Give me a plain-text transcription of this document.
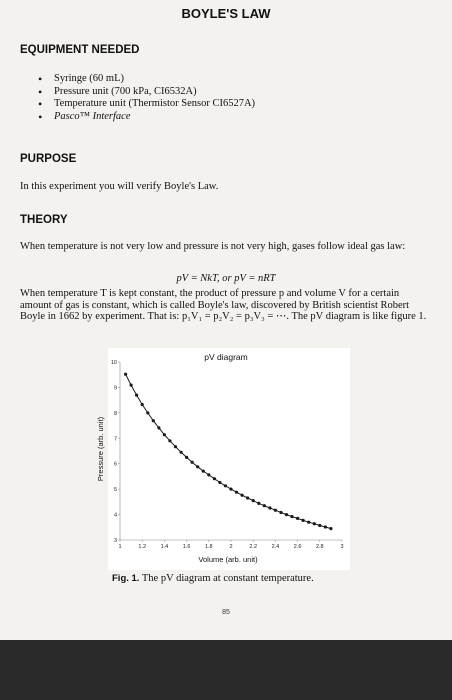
BOYLE'S LAW
EQUIPMENT NEEDED
• Syringe (60 mL)
• Pressure unit (700 kPa, CI6532A)
• Temperature unit (Thermistor Sensor CI6527A)
• Pasco™ Interface
PURPOSE
In this experiment you will verify Boyle's Law.
THEORY
When temperature is not very low and pressure is not very high, gases follow ideal gas law:
pV = NkT, or pV = nRT
When temperature T is kept constant, the product of pressure p and volume V for a certain amount of gas is constant, which is called Boyle's law, discovered by British scientist Robert Boyle in 1662 by experiment. That is: p₁V₁ = p₂V₂ = p₃V₃ = ⋯. The pV diagram is like figure 1.
pV diagram
Volume (arb. unit)
Pressure (arb. unit)
1	1.2	1.4	1.6	1.8	2	2.2	2.4	2.6	2.8	3
3
4
5
6
7
8
9
10
Fig. 1. The pV diagram at constant temperature.
85
